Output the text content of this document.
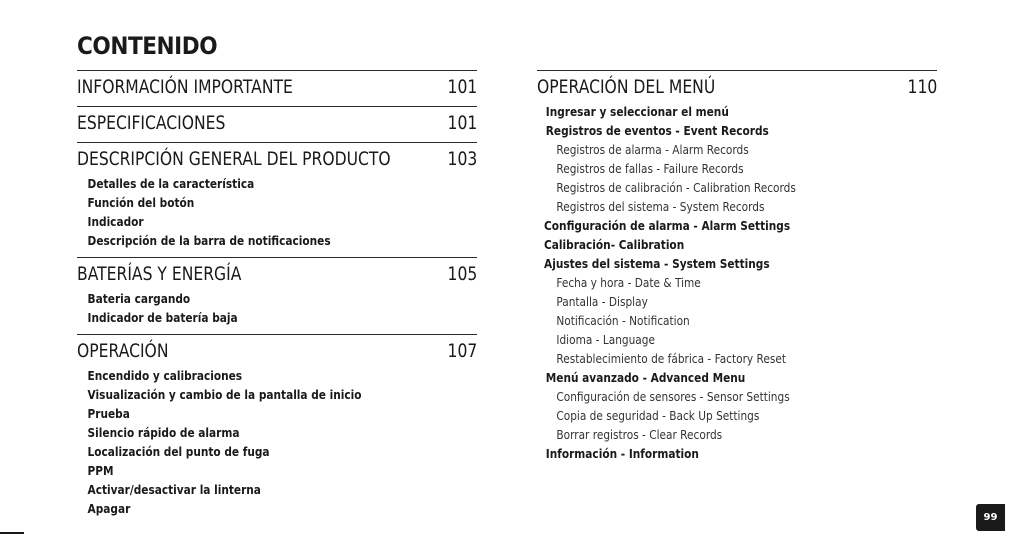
CONTENIDO
INFORMACIÓN IMPORTANTE	101
ESPECIFICACIONES	101
DESCRIPCIÓN GENERAL DEL PRODUCTO	103
Detalles de la característica
Función del botón
Indicador
Descripción de la barra de notificaciones
BATERÍAS Y ENERGÍA	105
Bateria cargando
Indicador de batería baja
OPERACIÓN	107
Encendido y calibraciones
Visualización y cambio de la pantalla de inicio
Prueba
Silencio rápido de alarma
Localización del punto de fuga
PPM
Activar/desactivar la linterna
Apagar
OPERACIÓN DEL MENÚ	110
Ingresar y seleccionar el menú
Registros de eventos - Event Records
Registros de alarma - Alarm Records
Registros de fallas - Failure Records
Registros de calibración - Calibration Records
Registros del sistema - System Records
Configuración de alarma - Alarm Settings
Calibración- Calibration
Ajustes del sistema - System Settings
Fecha y hora - Date & Time
Pantalla - Display
Notificación - Notification
Idioma - Language
Restablecimiento de fábrica - Factory Reset
Menú avanzado - Advanced Menu
Configuración de sensores - Sensor Settings
Copia de seguridad - Back Up Settings
Borrar registros - Clear Records
Información - Information
99
